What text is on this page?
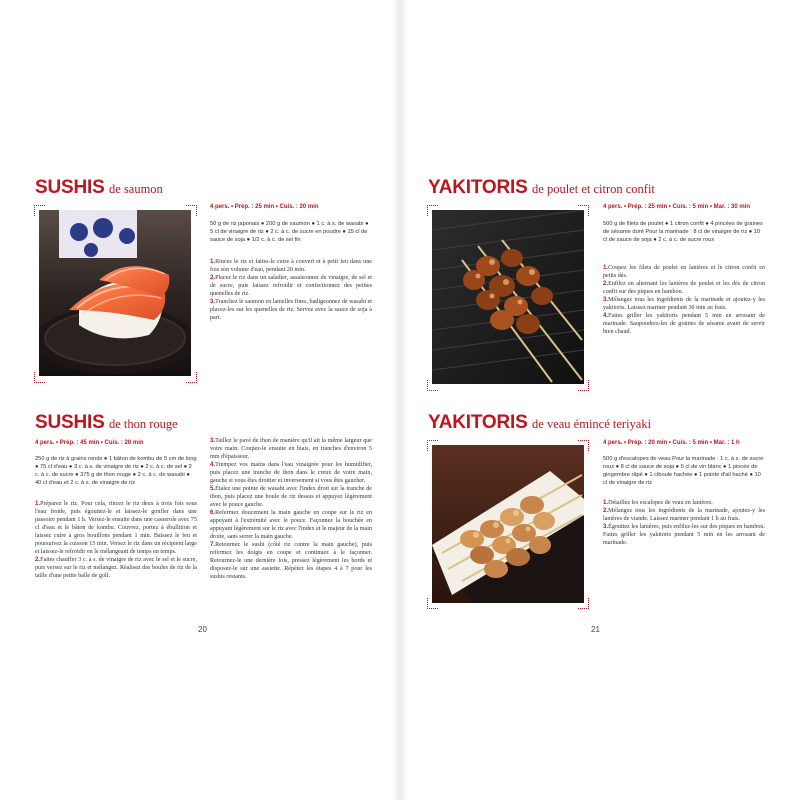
SUSHIS de saumon
4 pers. • Prép. : 25 min • Cuis. : 20 min
50 g de riz japonais ● 200 g de saumon ● 1 c. à s. de wasabi ● 5 cl de vinaigre de riz ● 2 c. à c. de sucre en poudre ● 15 cl de sauce de soja ● 1/2 c. à c. de sel fin

1.Rincez le riz et faites-le cuire à couvert et à petit feu dans une fois son volume d'eau, pendant 20 min.

2.Placez le riz dans un saladier, assaisonnez de vinaigre, de sel et de sucre, puis laissez refroidir et confectionnez des petites quenelles de riz.

3.Tranchez le saumon en lamelles fines, badigeonnez de wasabi et placez-les sur les quenelles de riz. Servez avec la sauce de soja à part.

SUSHIS de thon rouge
4 pers. • Prép. : 45 min • Cuis. : 20 min
250 g de riz à grains ronds ● 1 bâton de kombu de 5 cm de long ● 75 cl d'eau ● 3 c. à s. de vinaigre de riz ● 2 c. à c. de sel ● 2 c. à c. de sucre ● 375 g de thon rouge ● 2 c. à c. de wasabi ● 40 cl d'eau et 2 c. à s. de vinaigre de riz

1.Préparez le riz. Pour cela, rincez le riz deux à trois fois sous l'eau froide, puis égouttez-le et laissez-le gonfler dans une passoire pendant 1 h. Versez-le ensuite dans une casserole avec 75 cl d'eau et le bâton de kombu. Couvrez, portez à ébullition et laissez cuire à gros bouillons pendant 1 min. Baissez le feu et poursuivez la cuisson 15 min. Versez le riz dans un récipient large et laissez-le refroidir en le mélangeant de temps en temps.

2.Faites chauffer 3 c. à s. de vinaigre de riz avec le sel et le sucre, puis versez sur le riz et mélangez. Réalisez des boules de riz de la taille d'une petite balle de golf.

3.Taillez le pavé de thon de manière qu'il ait la même largeur que votre main. Coupez-le ensuite en biais, en tranches d'environ 5 mm d'épaisseur.

4.Trempez vos mains dans l'eau vinaigrée pour les humidifier, puis placez une tranche de thon dans le creux de votre main, gauche si vous êtes droitier et inversement si vous êtes gaucher.

5.Étalez une pointe de wasabi avec l'index droit sur la tranche de thon, puis placez une boule de riz dessus et appuyez légèrement avec le pouce gauche.

6.Refermez doucement la main gauche en coupe sur le riz en appuyant à l'extrémité avec le pouce. Façonnez la bouchée en appuyant légèrement sur le riz avec l'index et le majeur de la main droite, sans serrer la main gauche.

7.Retournez le sushi (côté riz contre la main gauche), puis refermez les doigts en coupe et continuez à le façonner. Retournez-le une dernière fois, pressez légèrement les bords et disposez-le sur une assiette. Répétez les étapes 4 à 7 pour les sushis restants.

20
YAKITORIS de poulet et citron confit
4 pers. • Prép. : 25 min • Cuis. : 5 min • Mar. : 30 min
500 g de filets de poulet ● 1 citron confit ● 4 pincées de graines de sésame doré Pour la marinade : 8 cl de vinaigre de riz ● 10 cl de sauce de soja ● 2 c. à c. de sucre roux

1.Coupez les filets de poulet en lanières et le citron confit en petits dés.

2.Enfilez en alternant les lanières de poulet et les dés de citron confit sur des piques en bambou.

3.Mélangez tous les ingrédients de la marinade et ajoutez-y les yakitoris. Laissez mariner pendant 30 min au frais.

4.Faites griller les yakitoris pendant 5 min en arrosant de marinade. Saupoudrez-les de graines de sésame avant de servir bien chaud.

YAKITORIS de veau émincé teriyaki
4 pers. • Prép. : 20 min • Cuis. : 5 min • Mar. : 1 h
500 g d'escalopes de veau Pour la marinade : 1 c. à s. de sucre roux ● 8 cl de sauce de soja ● 5 cl de vin blanc ● 1 pincée de gingembre râpé ● 1 ciboule hachée ● 1 pointe d'ail haché ● 10 cl de vinaigre de riz

1.Détaillez les escalopes de veau en lanières.

2.Mélangez tous les ingrédients de la marinade, ajoutez-y les lanières de viande. Laissez mariner pendant 1 h au frais.

3.Égouttez les lanières, puis enfilez-les sur des piques en bambou. Faites griller les yakitoris pendant 5 min en les arrosant de marinade.

21
